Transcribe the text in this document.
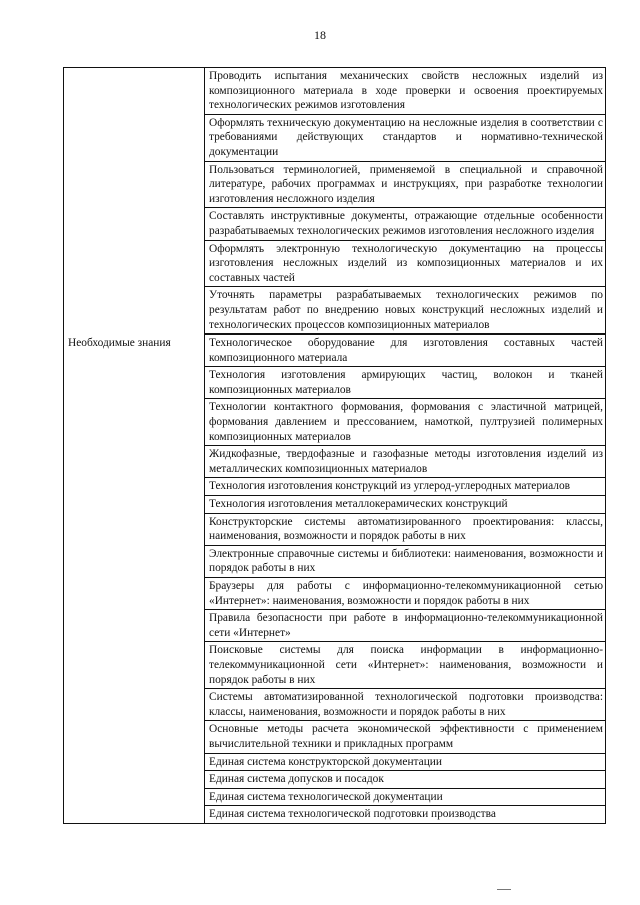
18
Необходимые знания
Проводить испытания механических свойств несложных изделий из композиционного материала в ходе проверки и освоения проектируемых технологических режимов изготовления
Оформлять техническую документацию на несложные изделия в соответствии с требованиями действующих стандартов и нормативно-технической документации
Пользоваться терминологией, применяемой в специальной и справочной литературе, рабочих программах и инструкциях, при разработке технологии изготовления несложного изделия
Составлять инструктивные документы, отражающие отдельные особенности разрабатываемых технологических режимов изготовления несложного изделия
Оформлять электронную технологическую документацию на процессы изготовления несложных изделий из композиционных материалов и их составных частей
Уточнять параметры разрабатываемых технологических режимов по результатам работ по внедрению новых конструкций несложных изделий и технологических процессов композиционных материалов
Технологическое оборудование для изготовления составных частей композиционного материала
Технология изготовления армирующих частиц, волокон и тканей композиционных материалов
Технологии контактного формования, формования с эластичной матрицей, формования давлением и прессованием, намоткой, пултрузией полимерных композиционных материалов
Жидкофазные, твердофазные и газофазные методы изготовления изделий из металлических композиционных материалов
Технология изготовления конструкций из углерод-углеродных материалов
Технология изготовления металлокерамических конструкций
Конструкторские системы автоматизированного проектирования: классы, наименования, возможности и порядок работы в них
Электронные справочные системы и библиотеки: наименования, возможности и порядок работы в них
Браузеры для работы с информационно-телекоммуникационной сетью «Интернет»: наименования, возможности и порядок работы в них
Правила безопасности при работе в информационно-телекоммуникационной сети «Интернет»
Поисковые системы для поиска информации в информационно-телекоммуникационной сети «Интернет»: наименования, возможности и порядок работы в них
Системы автоматизированной технологической подготовки производства: классы, наименования, возможности и порядок работы в них
Основные методы расчета экономической эффективности с применением вычислительной техники и прикладных программ
Единая система конструкторской документации
Единая система допусков и посадок
Единая система технологической документации
Единая система технологической подготовки производства
